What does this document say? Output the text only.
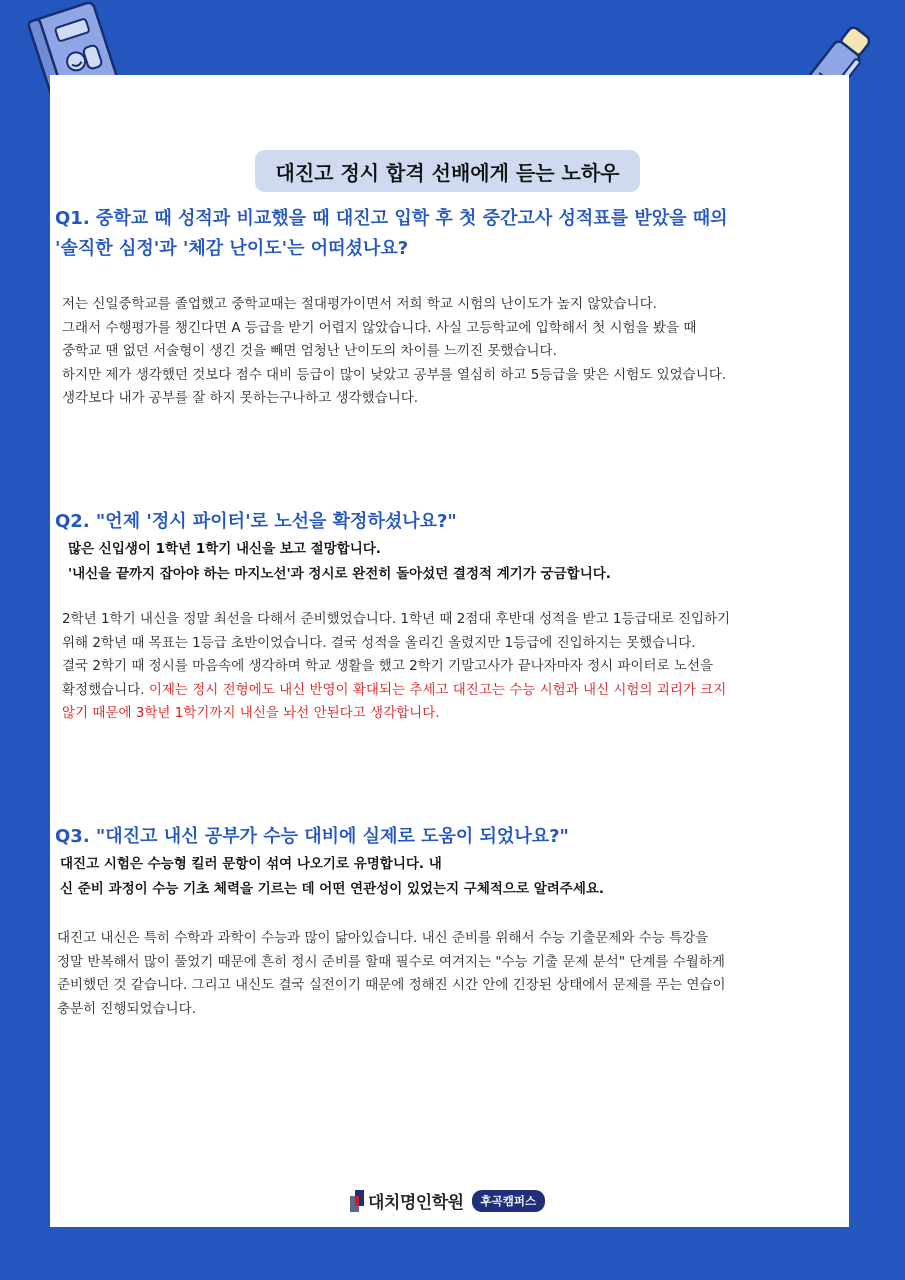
대진고 정시 합격 선배에게 듣는 노하우
Q1. 중학교 때 성적과 비교했을 때 대진고 입학 후 첫 중간고사 성적표를 받았을 때의
'솔직한 심정'과 '체감 난이도'는 어떠셨나요?
저는 신일중학교를 졸업했고 중학교때는 절대평가이면서 저희 학교 시험의 난이도가 높지 않았습니다.
그래서 수행평가를 챙긴다면 A 등급을 받기 어렵지 않았습니다. 사실 고등학교에 입학해서 첫 시험을 봤을 때
중학교 땐 없던 서술형이 생긴 것을 빼면 엄청난 난이도의 차이를 느끼진 못했습니다.
하지만 제가 생각했던 것보다 점수 대비 등급이 많이 낮았고 공부를 열심히 하고 5등급을 맞은 시험도 있었습니다.
생각보다 내가 공부를 잘 하지 못하는구나하고 생각했습니다.
Q2. "언제 '정시 파이터'로 노선을 확정하셨나요?"
많은 신입생이 1학년 1학기 내신을 보고 절망합니다.
'내신을 끝까지 잡아야 하는 마지노선'과 정시로 완전히 돌아섰던 결정적 계기가 궁금합니다.
2학년 1학기 내신을 정말 최선을 다해서 준비했었습니다. 1학년 때 2점대 후반대 성적을 받고 1등급대로 진입하기
위해 2학년 때 목표는 1등급 초반이었습니다. 결국 성적을 올리긴 올렸지만 1등급에 진입하지는 못했습니다.
결국 2학기 때 정시를 마음속에 생각하며 학교 생활을 했고 2학기 기말고사가 끝나자마자 정시 파이터로 노선을
확정했습니다. 이제는 정시 전형에도 내신 반영이 확대되는 추세고 대진고는 수능 시험과 내신 시험의 괴리가 크지
않기 때문에 3학년 1학기까지 내신을 놔선 안된다고 생각합니다.
Q3. "대진고 내신 공부가 수능 대비에 실제로 도움이 되었나요?"
대진고 시험은 수능형 킬러 문항이 섞여 나오기로 유명합니다. 내
신 준비 과정이 수능 기초 체력을 기르는 데 어떤 연관성이 있었는지 구체적으로 알려주세요.
대진고 내신은 특히 수학과 과학이 수능과 많이 닮아있습니다. 내신 준비를 위해서 수능 기출문제와 수능 특강을
정말 반복해서 많이 풀었기 때문에 흔히 정시 준비를 할때 필수로 여겨지는 "수능 기출 문제 분석" 단계를 수월하게
준비했던 것 같습니다. 그리고 내신도 결국 실전이기 때문에 정해진 시간 안에 긴장된 상태에서 문제를 푸는 연습이
충분히 진행되었습니다.
대치명인학원	후곡캠퍼스
